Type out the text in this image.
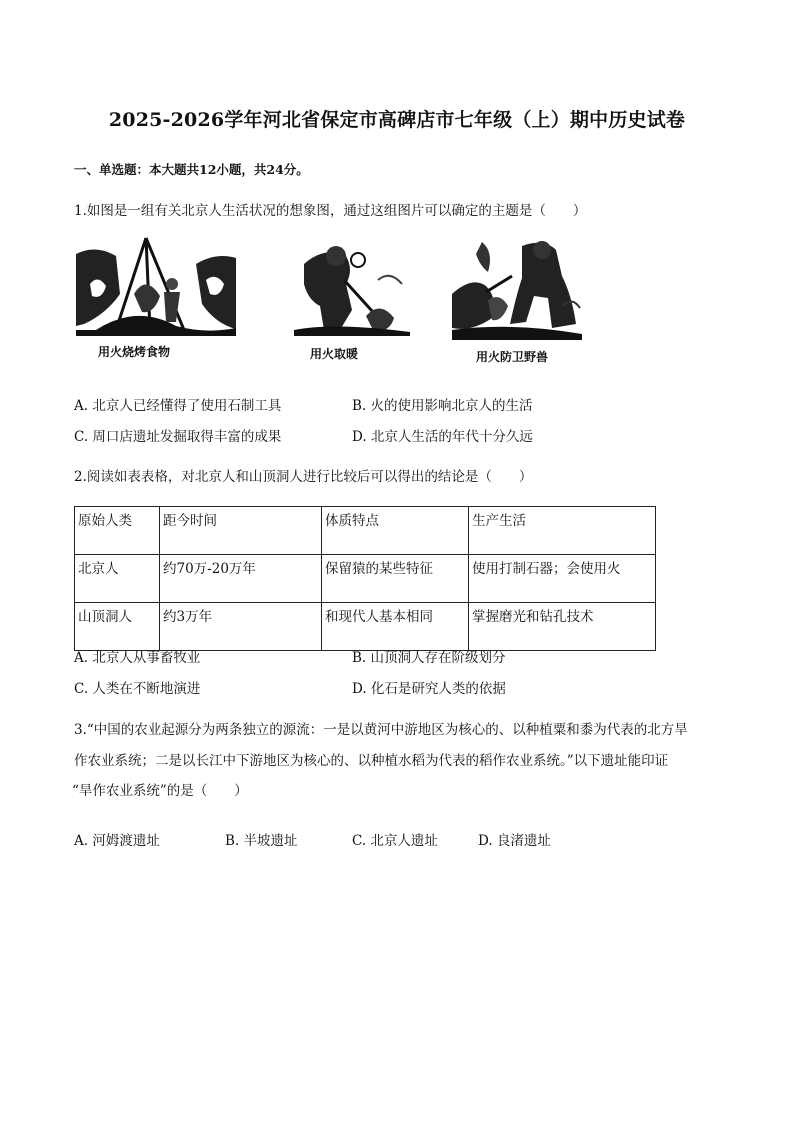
2025-2026学年河北省保定市高碑店市七年级（上）期中历史试卷
一、单选题：本大题共12小题，共24分。
1.如图是一组有关北京人生活状况的想象图，通过这组图片可以确定的主题是（　　）
用火烧烤食物	用火取暖	用火防卫野兽
A. 北京人已经懂得了使用石制工具	B. 火的使用影响北京人的生活
C. 周口店遗址发掘取得丰富的成果	D. 北京人生活的年代十分久远
2.阅读如表表格，对北京人和山顶洞人进行比较后可以得出的结论是（　　）
原始人类	距今时间	体质特点	生产生活
北京人	约70万-20万年	保留猿的某些特征	使用打制石器；会使用火
山顶洞人	约3万年	和现代人基本相同	掌握磨光和钻孔技术
A. 北京人从事畜牧业	B. 山顶洞人存在阶级划分
C. 人类在不断地演进	D. 化石是研究人类的依据
3.“中国的农业起源分为两条独立的源流：一是以黄河中游地区为核心的、以种植粟和黍为代表的北方旱
作农业系统；二是以长江中下游地区为核心的、以种植水稻为代表的稻作农业系统。”以下遗址能印证
“旱作农业系统”的是（　　）
A. 河姆渡遗址	B. 半坡遗址	C. 北京人遗址	D. 良渚遗址
